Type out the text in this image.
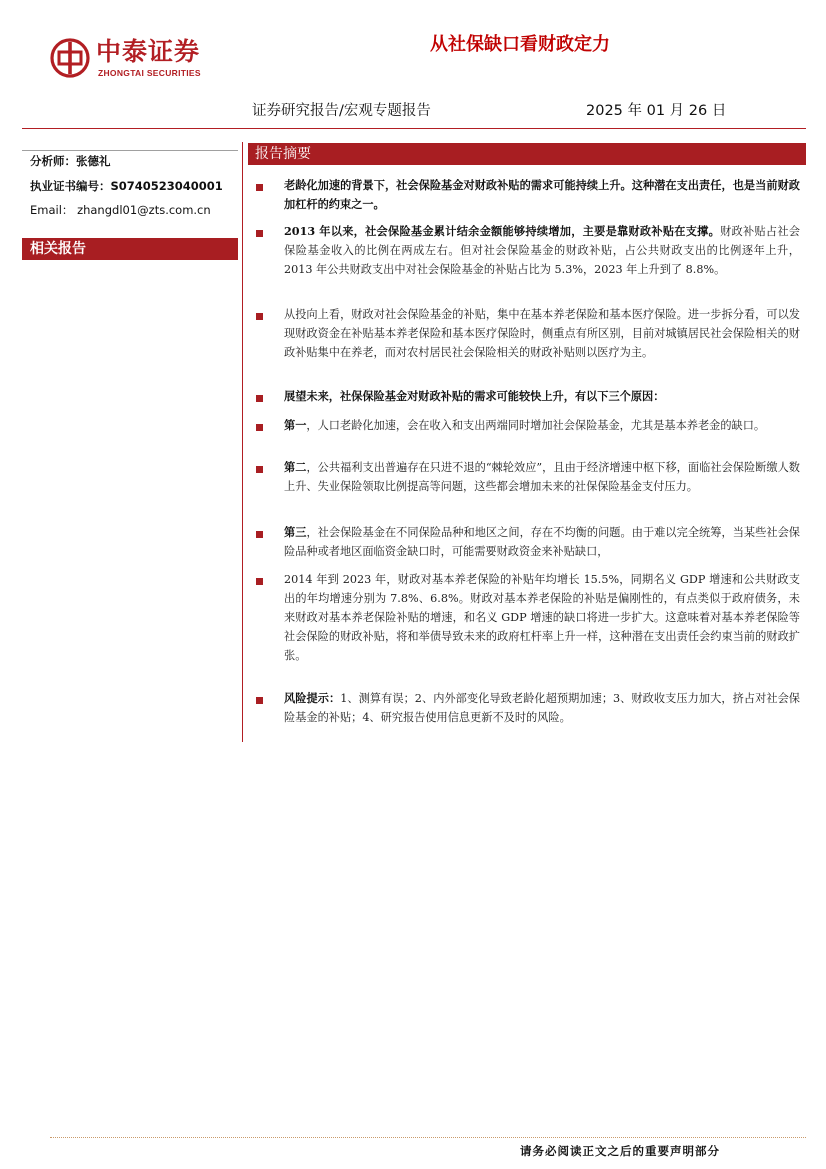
中泰证券
ZHONGTAI SECURITIES
从社保缺口看财政定力
证券研究报告/宏观专题报告	2025 年 01 月 26 日
分析师：张德礼
执业证书编号：S0740523040001
Email： zhangdl01@zts.com.cn
相关报告
报告摘要
老龄化加速的背景下，社会保险基金对财政补贴的需求可能持续上升。这种潜在支出责任，也是当前财政加杠杆的约束之一。
2013 年以来，社会保险基金累计结余金额能够持续增加，主要是靠财政补贴在支撑。财政补贴占社会保险基金收入的比例在两成左右。但对社会保险基金的财政补贴，占公共财政支出的比例逐年上升，2013 年公共财政支出中对社会保险基金的补贴占比为 5.3%，2023 年上升到了 8.8%。
从投向上看，财政对社会保险基金的补贴，集中在基本养老保险和基本医疗保险。进一步拆分看，可以发现财政资金在补贴基本养老保险和基本医疗保险时，侧重点有所区别，目前对城镇居民社会保险相关的财政补贴集中在养老，而对农村居民社会保险相关的财政补贴则以医疗为主。
展望未来，社保保险基金对财政补贴的需求可能较快上升，有以下三个原因：
第一，人口老龄化加速，会在收入和支出两端同时增加社会保险基金，尤其是基本养老金的缺口。
第二，公共福利支出普遍存在只进不退的“棘轮效应”，且由于经济增速中枢下移，面临社会保险断缴人数上升、失业保险领取比例提高等问题，这些都会增加未来的社保保险基金支付压力。
第三，社会保险基金在不同保险品种和地区之间，存在不均衡的问题。由于难以完全统筹，当某些社会保险品种或者地区面临资金缺口时，可能需要财政资金来补贴缺口，
2014 年到 2023 年，财政对基本养老保险的补贴年均增长 15.5%，同期名义 GDP 增速和公共财政支出的年均增速分别为 7.8%、6.8%。财政对基本养老保险的补贴是偏刚性的，有点类似于政府债务，未来财政对基本养老保险补贴的增速，和名义 GDP 增速的缺口将进一步扩大。这意味着对基本养老保险等社会保险的财政补贴，将和举债导致未来的政府杠杆率上升一样，这种潜在支出责任会约束当前的财政扩张。
风险提示：1、测算有误；2、内外部变化导致老龄化超预期加速；3、财政收支压力加大，挤占对社会保险基金的补贴；4、研究报告使用信息更新不及时的风险。
请务必阅读正文之后的重要声明部分
